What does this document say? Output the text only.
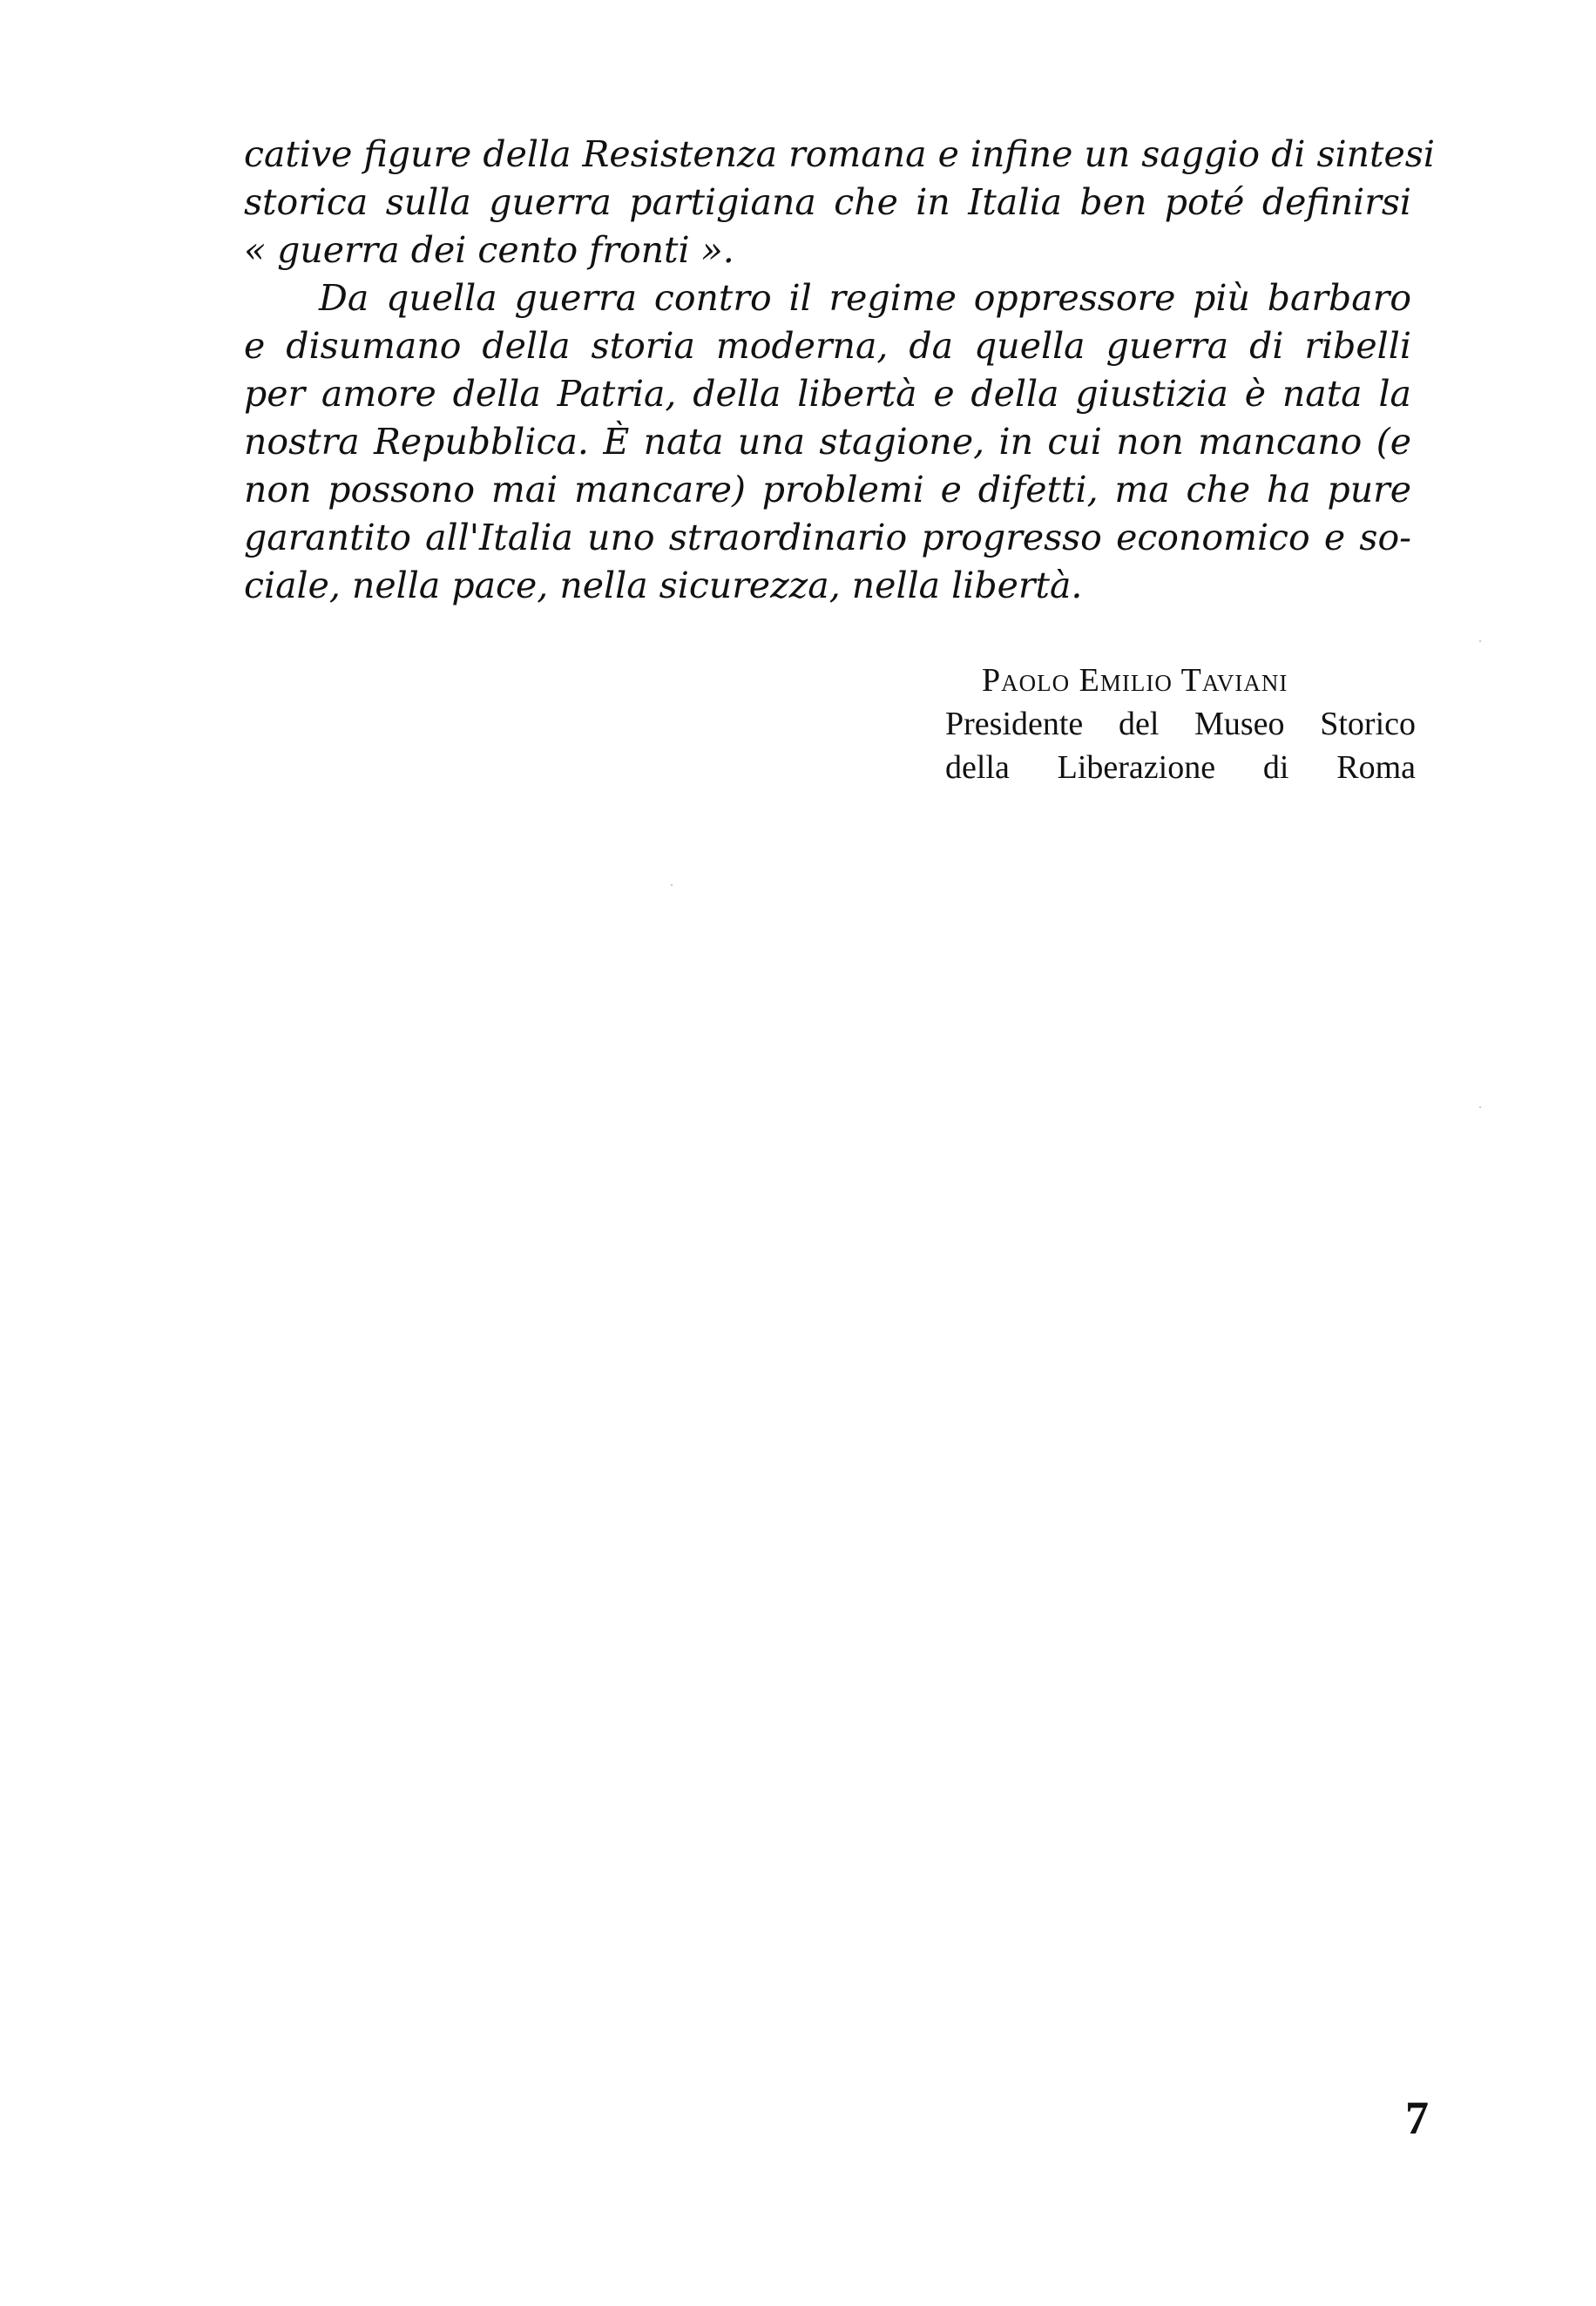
cative figure della Resistenza romana e infine un saggio di sintesi
storica sulla guerra partigiana che in Italia ben poté definirsi
« guerra dei cento fronti ».

Da quella guerra contro il regime oppressore più barbaro
e disumano della storia moderna, da quella guerra di ribelli
per amore della Patria, della libertà e della giustizia è nata la
nostra Repubblica. È nata una stagione, in cui non mancano (e
non possono mai mancare) problemi e difetti, ma che ha pure
garantito all'Italia uno straordinario progresso economico e so-
ciale, nella pace, nella sicurezza, nella libertà.

Paolo Emilio Taviani
Presidente del Museo Storico
della Liberazione di Roma
7
